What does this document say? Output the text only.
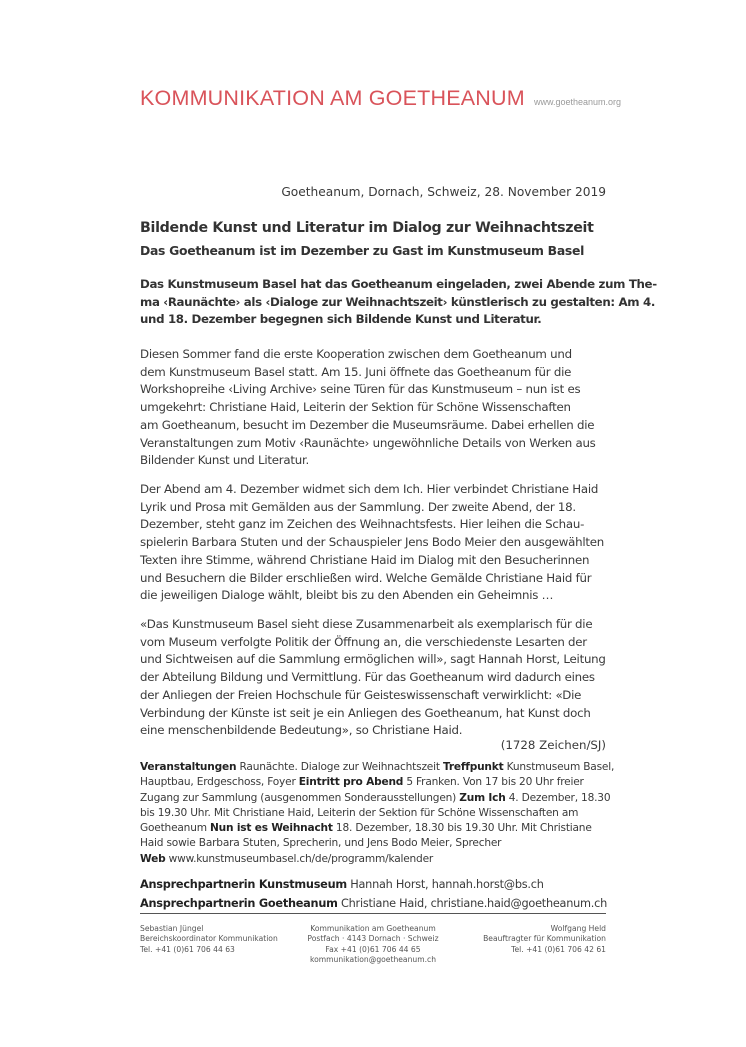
KOMMUNIKATION AM GOETHEANUM www.goetheanum.org
Goetheanum, Dornach, Schweiz, 28. November 2019
Bildende Kunst und Literatur im Dialog zur Weihnachtszeit
Das Goetheanum ist im Dezember zu Gast im Kunstmuseum Basel
Das Kunstmuseum Basel hat das Goetheanum eingeladen, zwei Abende zum The-
ma ‹Raunächte› als ‹Dialoge zur Weihnachtszeit› künstlerisch zu gestalten: Am 4.
und 18. Dezember begegnen sich Bildende Kunst und Literatur.
Diesen Sommer fand die erste Kooperation zwischen dem Goetheanum und
dem Kunstmuseum Basel statt. Am 15. Juni öffnete das Goetheanum für die
Workshopreihe ‹Living Archive› seine Türen für das Kunstmuseum – nun ist es
umgekehrt: Christiane Haid, Leiterin der Sektion für Schöne Wissenschaften
am Goetheanum, besucht im Dezember die Museumsräume. Dabei erhellen die
Veranstaltungen zum Motiv ‹Raunächte› ungewöhnliche Details von Werken aus
Bildender Kunst und Literatur.
Der Abend am 4. Dezember widmet sich dem Ich. Hier verbindet Christiane Haid
Lyrik und Prosa mit Gemälden aus der Sammlung. Der zweite Abend, der 18.
Dezember, steht ganz im Zeichen des Weihnachtsfests. Hier leihen die Schau-
spielerin Barbara Stuten und der Schauspieler Jens Bodo Meier den ausgewählten
Texten ihre Stimme, während Christiane Haid im Dialog mit den Besucherinnen
und Besuchern die Bilder erschließen wird. Welche Gemälde Christiane Haid für
die jeweiligen Dialoge wählt, bleibt bis zu den Abenden ein Geheimnis …
«Das Kunstmuseum Basel sieht diese Zusammenarbeit als exemplarisch für die
vom Museum verfolgte Politik der Öffnung an, die verschiedenste Lesarten der
und Sichtweisen auf die Sammlung ermöglichen will», sagt Hannah Horst, Leitung
der Abteilung Bildung und Vermittlung. Für das Goetheanum wird dadurch eines
der Anliegen der Freien Hochschule für Geisteswissenschaft verwirklicht: «Die
Verbindung der Künste ist seit je ein Anliegen des Goetheanum, hat Kunst doch
eine menschenbildende Bedeutung», so Christiane Haid.
(1728 Zeichen/SJ)
Veranstaltungen Raunächte. Dialoge zur Weihnachtszeit Treffpunkt Kunstmuseum Basel,
Hauptbau, Erdgeschoss, Foyer Eintritt pro Abend 5 Franken. Von 17 bis 20 Uhr freier
Zugang zur Sammlung (ausgenommen Sonderausstellungen) Zum Ich 4. Dezember, 18.30
bis 19.30 Uhr. Mit Christiane Haid, Leiterin der Sektion für Schöne Wissenschaften am
Goetheanum Nun ist es Weihnacht 18. Dezember, 18.30 bis 19.30 Uhr. Mit Christiane
Haid sowie Barbara Stuten, Sprecherin, und Jens Bodo Meier, Sprecher
Web www.kunstmuseumbasel.ch/de/programm/kalender
Ansprechpartnerin Kunstmuseum Hannah Horst, hannah.horst@bs.ch
Ansprechpartnerin Goetheanum Christiane Haid, christiane.haid@goetheanum.ch
Sebastian Jüngel
Bereichskoordinator Kommunikation
Tel. +41 (0)61 706 44 63
Kommunikation am Goetheanum
Postfach · 4143 Dornach · Schweiz
Fax +41 (0)61 706 44 65
kommunikation@goetheanum.ch
Wolfgang Held
Beauftragter für Kommunikation
Tel. +41 (0)61 706 42 61
